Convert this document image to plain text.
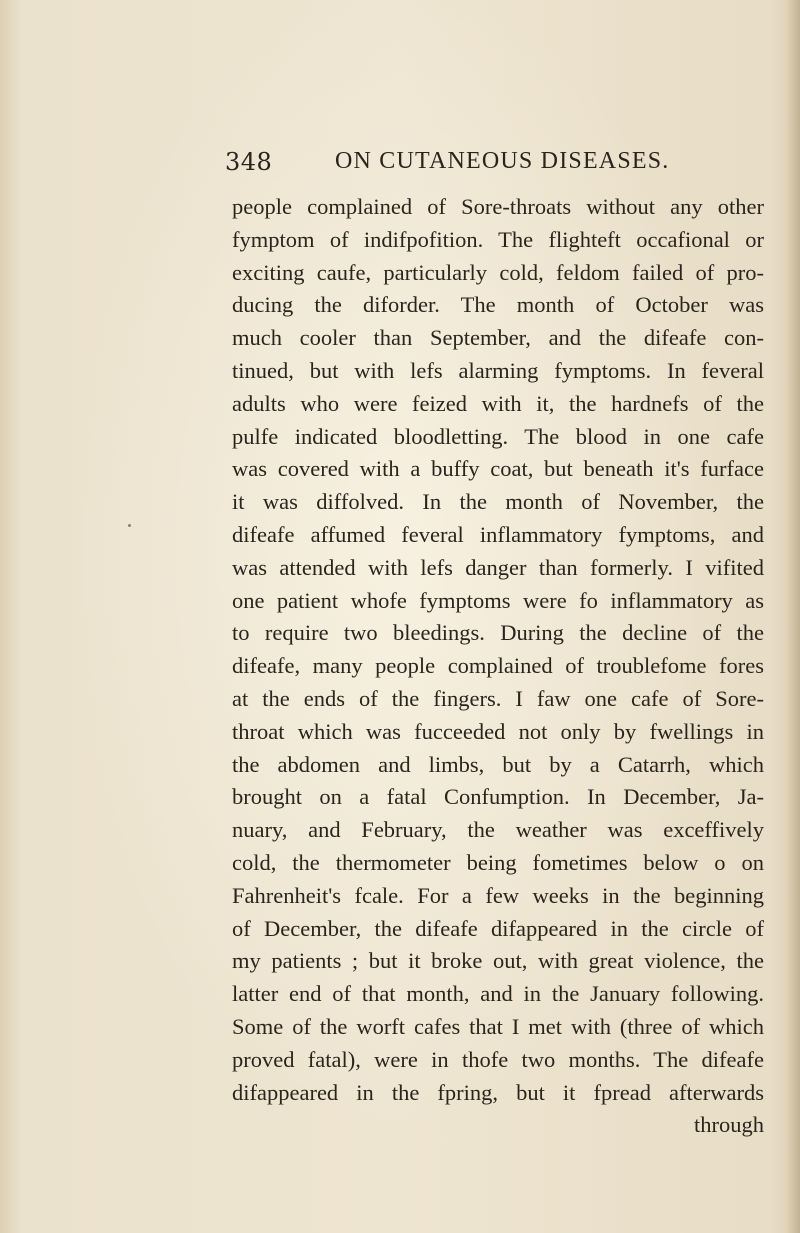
348	ON CUTANEOUS DISEASES.
people complained of Sore-throats without any other
fymptom of indifpofition. The flighteft occafional or
exciting caufe, particularly cold, feldom failed of pro-
ducing the diforder. The month of October was
much cooler than September, and the difeafe con-
tinued, but with lefs alarming fymptoms. In feveral
adults who were feized with it, the hardnefs of the
pulfe indicated bloodletting. The blood in one cafe
was covered with a buffy coat, but beneath it's furface
it was diffolved. In the month of November, the
difeafe affumed feveral inflammatory fymptoms, and
was attended with lefs danger than formerly. I vifited
one patient whofe fymptoms were fo inflammatory as
to require two bleedings. During the decline of the
difeafe, many people complained of troublefome fores
at the ends of the fingers. I faw one cafe of Sore-
throat which was fucceeded not only by fwellings in
the abdomen and limbs, but by a Catarrh, which
brought on a fatal Confumption. In December, Ja-
nuary, and February, the weather was exceffively
cold, the thermometer being fometimes below o on
Fahrenheit's fcale. For a few weeks in the beginning
of December, the difeafe difappeared in the circle of
my patients ; but it broke out, with great violence, the
latter end of that month, and in the January following.
Some of the worft cafes that I met with (three of which
proved fatal), were in thofe two months. The difeafe
difappeared in the fpring, but it fpread afterwards
through
